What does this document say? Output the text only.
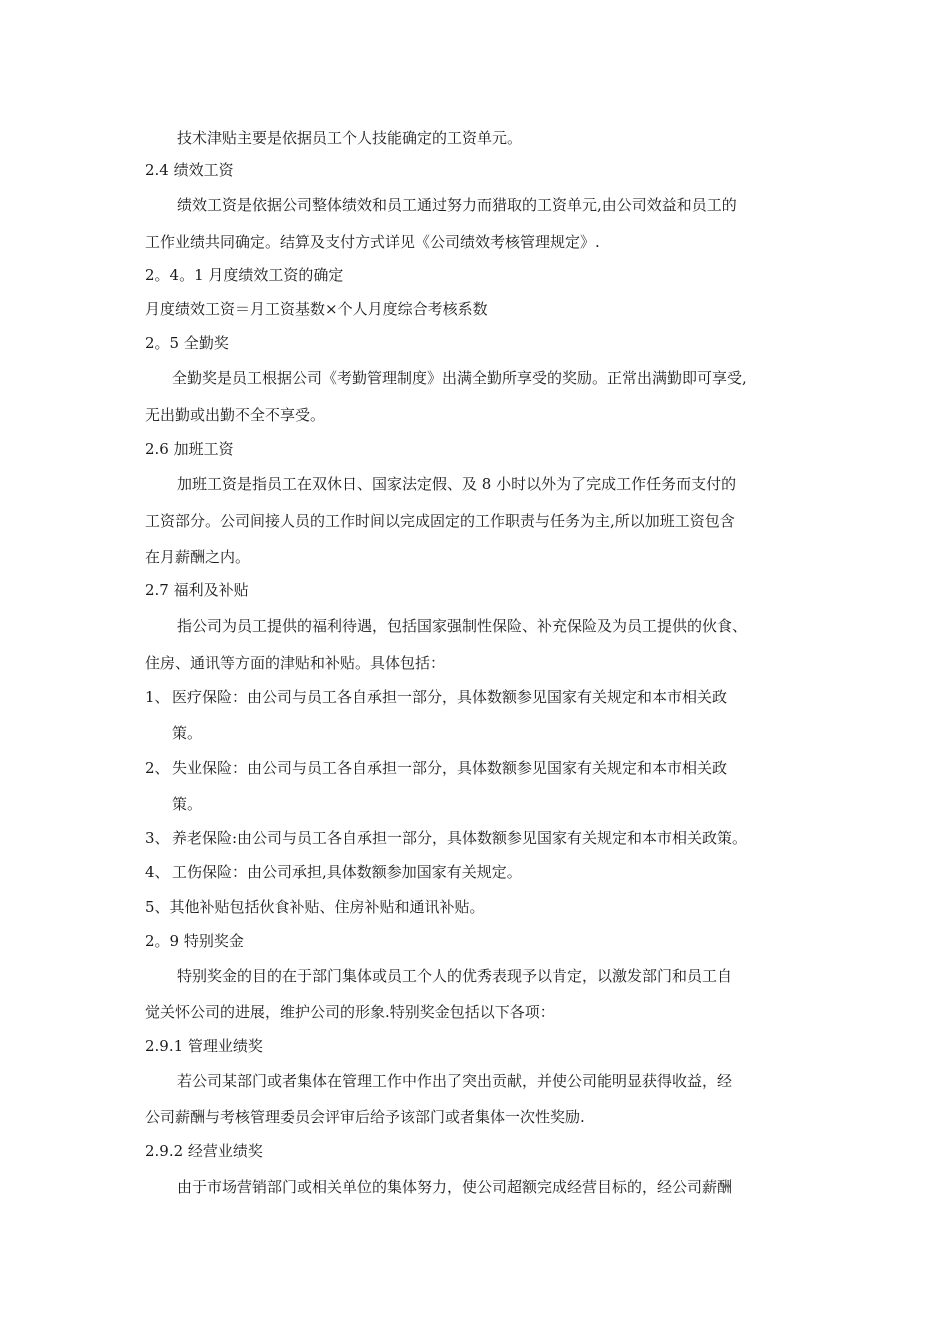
技术津贴主要是依据员工个人技能确定的工资单元。
2.4 绩效工资
绩效工资是依据公司整体绩效和员工通过努力而猎取的工资单元,由公司效益和员工的
工作业绩共同确定。结算及支付方式详见《公司绩效考核管理规定》.
2。4。1 月度绩效工资的确定
月度绩效工资＝月工资基数×个人月度综合考核系数
2。5 全勤奖
全勤奖是员工根据公司《考勤管理制度》出满全勤所享受的奖励。正常出满勤即可享受,
无出勤或出勤不全不享受。
2.6 加班工资
加班工资是指员工在双休日、国家法定假、及 8 小时以外为了完成工作任务而支付的
工资部分。公司间接人员的工作时间以完成固定的工作职责与任务为主,所以加班工资包含
在月薪酬之内。
2.7 福利及补贴
指公司为员工提供的福利待遇，包括国家强制性保险、补充保险及为员工提供的伙食、
住房、通讯等方面的津贴和补贴。具体包括：
1、 医疗保险：由公司与员工各自承担一部分，具体数额参见国家有关规定和本市相关政
策。
2、 失业保险：由公司与员工各自承担一部分，具体数额参见国家有关规定和本市相关政
策。
3、 养老保险:由公司与员工各自承担一部分，具体数额参见国家有关规定和本市相关政策。
4、 工伤保险：由公司承担,具体数额参加国家有关规定。
5、其他补贴包括伙食补贴、住房补贴和通讯补贴。
2。9 特别奖金
特别奖金的目的在于部门集体或员工个人的优秀表现予以肯定，以激发部门和员工自
觉关怀公司的进展，维护公司的形象.特别奖金包括以下各项：
2.9.1 管理业绩奖
若公司某部门或者集体在管理工作中作出了突出贡献，并使公司能明显获得收益，经
公司薪酬与考核管理委员会评审后给予该部门或者集体一次性奖励.
2.9.2 经营业绩奖
由于市场营销部门或相关单位的集体努力，使公司超额完成经营目标的，经公司薪酬
